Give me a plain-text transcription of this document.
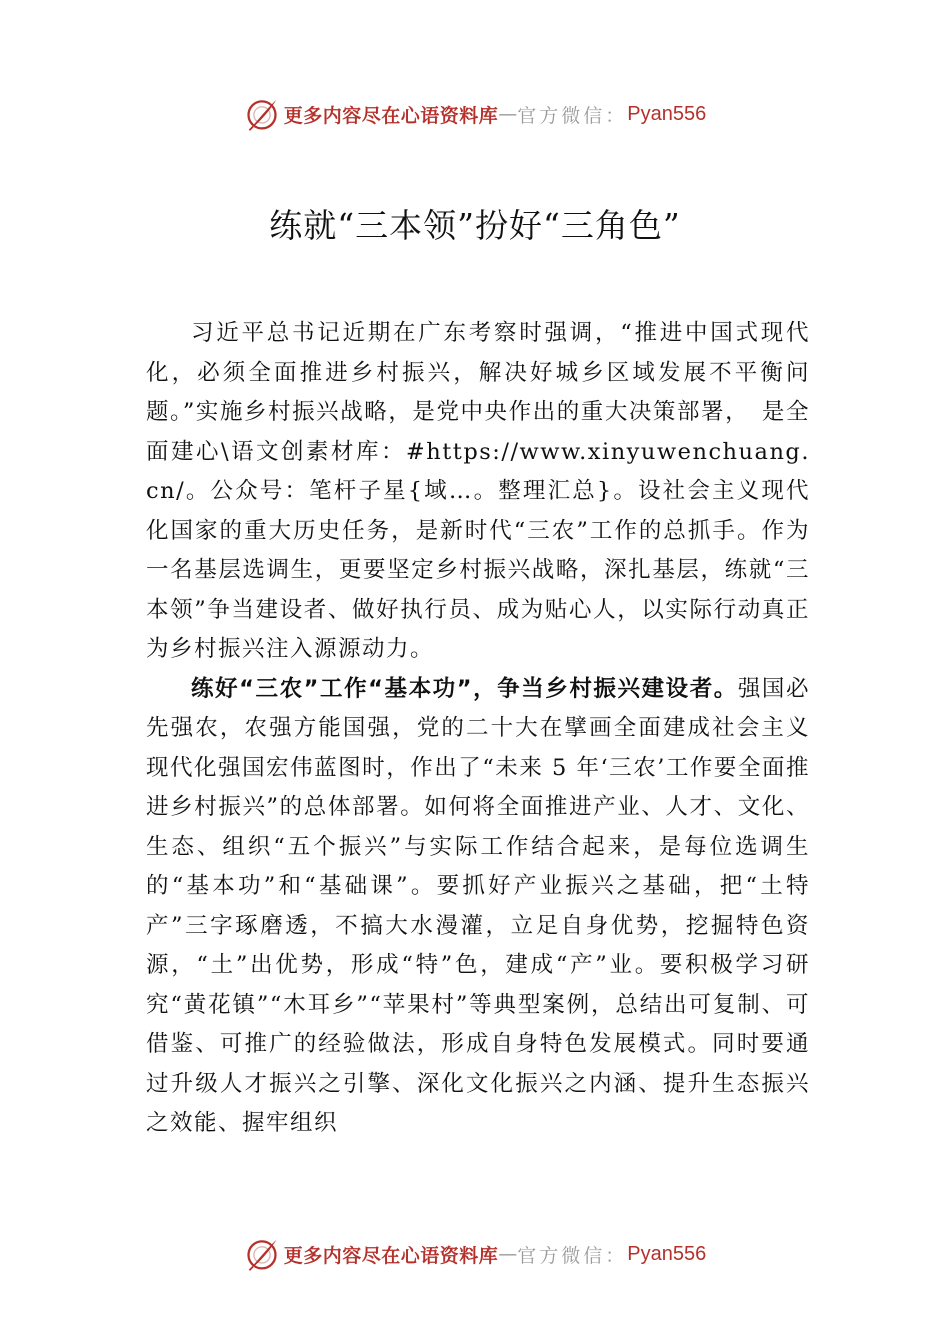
更多内容尽在心语资料库 — 官方微信： Pyan556
练就“三本领”扮好“三角色”

习近平总书记近期在广东考察时强调，“推进中国式现代化，必须全面推进乡村振兴，解决好城乡区域发展不平衡问题。”实施乡村振兴战略，是党中央作出的重大决策部署，　是全面建心\语文创素材库：#https://www.xinyuwenchuang.cn/。公众号：笔杆子星{域…。整理汇总}。设社会主义现代化国家的重大历史任务，是新时代“三农”工作的总抓手。作为一名基层选调生，更要坚定乡村振兴战略，深扎基层，练就“三本领”争当建设者、做好执行员、成为贴心人，以实际行动真正为乡村振兴注入源源动力。

练好“三农”工作“基本功”，争当乡村振兴建设者。强国必先强农，农强方能国强，党的二十大在擘画全面建成社会主义现代化强国宏伟蓝图时，作出了“未来 5 年‘三农’工作要全面推进乡村振兴”的总体部署。如何将全面推进产业、人才、文化、生态、组织“五个振兴”与实际工作结合起来，是每位选调生的“基本功”和“基础课”。要抓好产业振兴之基础，把“土特产”三字琢磨透，不搞大水漫灌，立足自身优势，挖掘特色资源，“土”出优势，形成“特”色，建成“产”业。要积极学习研究“黄花镇”“木耳乡”“苹果村”等典型案例，总结出可复制、可借鉴、可推广的经验做法，形成自身特色发展模式。同时要通过升级人才振兴之引擎、深化文化振兴之内涵、提升生态振兴之效能、握牢组织

更多内容尽在心语资料库 — 官方微信： Pyan556
